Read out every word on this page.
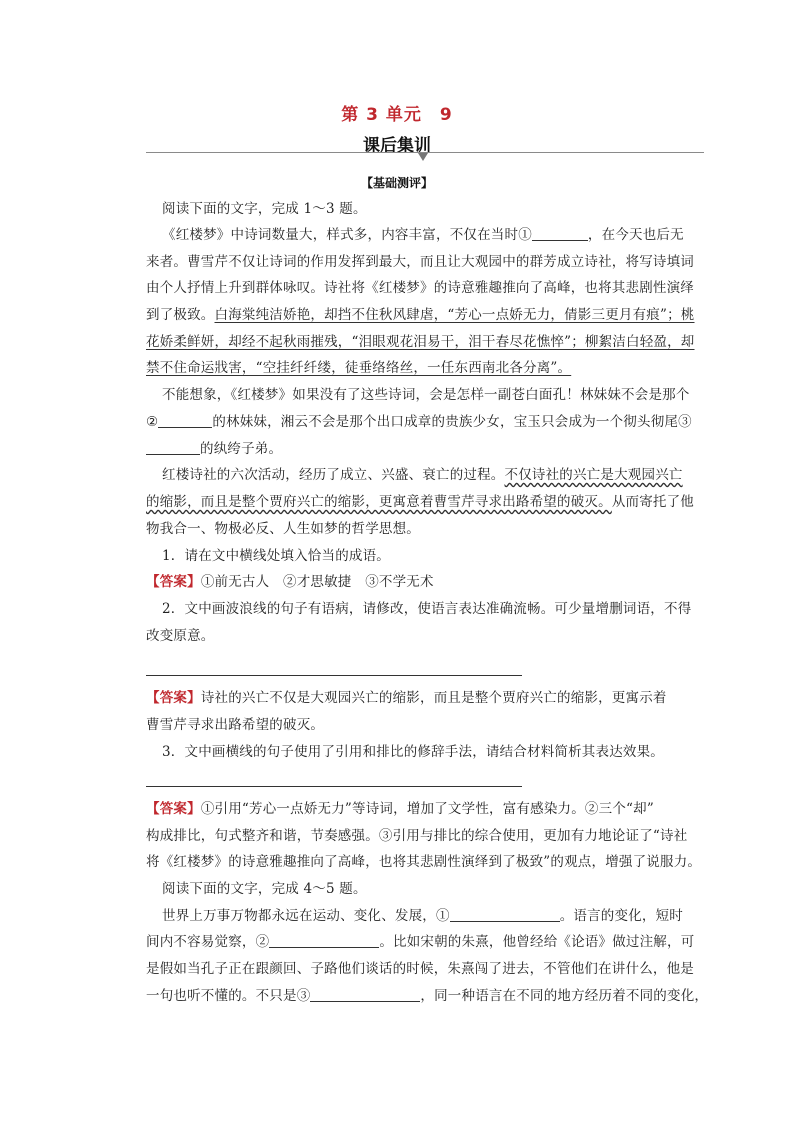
第 3 单元　9
课后集训
【基础测评】
阅读下面的文字，完成 1～3 题。
《红楼梦》中诗词数量大，样式多，内容丰富，不仅在当时①	，在今天也后无
来者。曹雪芹不仅让诗词的作用发挥到最大，而且让大观园中的群芳成立诗社，将写诗填词
由个人抒情上升到群体咏叹。诗社将《红楼梦》的诗意雅趣推向了高峰，也将其悲剧性演绎
到了极致。白海棠纯洁娇艳，却挡不住秋风肆虐，“芳心一点娇无力，倩影三更月有痕”；桃
花娇柔鲜妍，却经不起秋雨摧残，“泪眼观花泪易干，泪干春尽花憔悴”；柳絮洁白轻盈，却
禁不住命运戕害，“空挂纤纤缕，徒垂络络丝，一任东西南北各分离”。
不能想象，《红楼梦》如果没有了这些诗词，会是怎样一副苍白面孔！林妹妹不会是那个
②	的林妹妹，湘云不会是那个出口成章的贵族少女，宝玉只会成为一个彻头彻尾③
的纨绔子弟。
红楼诗社的六次活动，经历了成立、兴盛、衰亡的过程。不仅诗社的兴亡是大观园兴亡
的缩影，而且是整个贾府兴亡的缩影，更寓意着曹雪芹寻求出路希望的破灭。从而寄托了他
物我合一、物极必反、人生如梦的哲学思想。
1．请在文中横线处填入恰当的成语。
【答案】①前无古人　②才思敏捷　③不学无术
2．文中画波浪线的句子有语病，请修改，使语言表达准确流畅。可少量增删词语，不得
改变原意。
【答案】诗社的兴亡不仅是大观园兴亡的缩影，而且是整个贾府兴亡的缩影，更寓示着
曹雪芹寻求出路希望的破灭。
3．文中画横线的句子使用了引用和排比的修辞手法，请结合材料简析其表达效果。
【答案】①引用“芳心一点娇无力”等诗词，增加了文学性，富有感染力。②三个“却”
构成排比，句式整齐和谐，节奏感强。③引用与排比的综合使用，更加有力地论证了“诗社
将《红楼梦》的诗意雅趣推向了高峰，也将其悲剧性演绎到了极致”的观点，增强了说服力。
阅读下面的文字，完成 4～5 题。
世界上万事万物都永远在运动、变化、发展，①	。语言的变化，短时
间内不容易觉察，②	。比如宋朝的朱熹，他曾经给《论语》做过注解，可
是假如当孔子正在跟颜回、子路他们谈话的时候，朱熹闯了进去，不管他们在讲什么，他是
一句也听不懂的。不只是③	，同一种语言在不同的地方经历着不同的变化，
